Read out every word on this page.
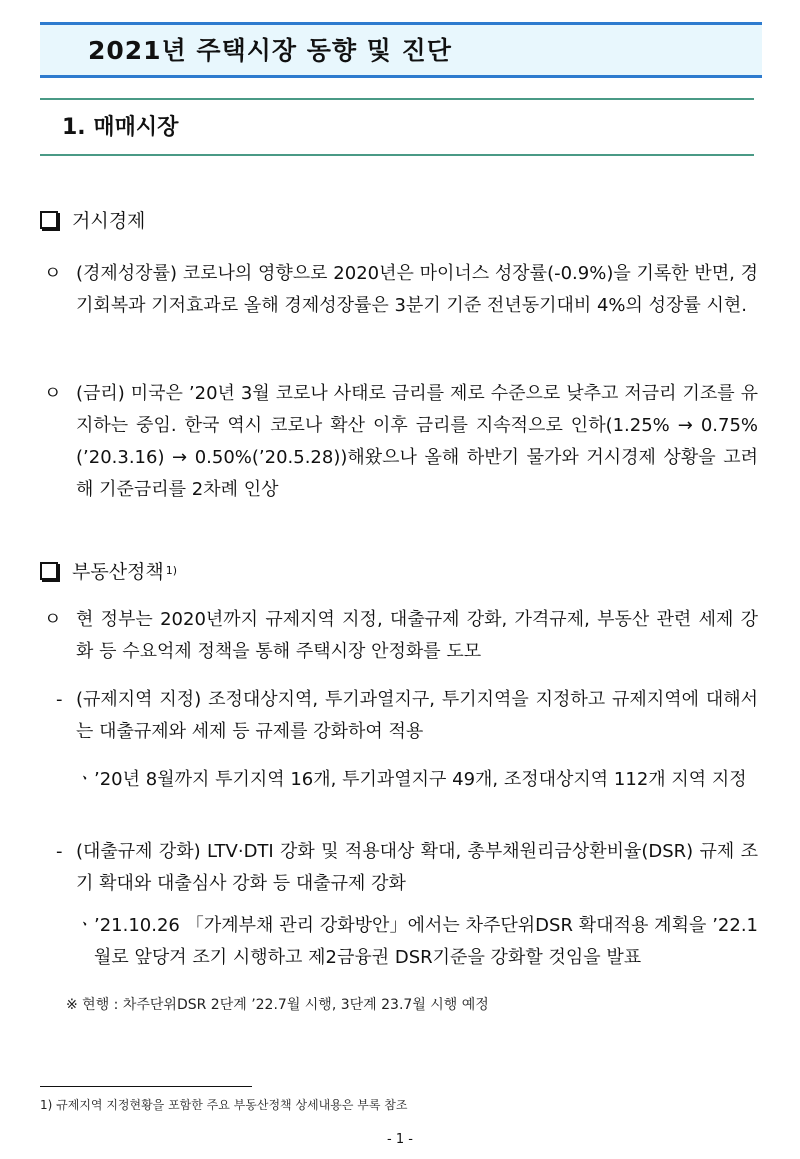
2021년 주택시장 동향 및 진단
1. 매매시장
거시경제
ㅇ (경제성장률) 코로나의 영향으로 2020년은 마이너스 성장률(-0.9%)을 기록한 반면, 경기회복과 기저효과로 올해 경제성장률은 3분기 기준 전년동기대비 4%의 성장률 시현.
ㅇ (금리) 미국은 ’20년 3월 코로나 사태로 금리를 제로 수준으로 낮추고 저금리 기조를 유지하는 중임. 한국 역시 코로나 확산 이후 금리를 지속적으로 인하(1.25% → 0.75%(’20.3.16) → 0.50%(’20.5.28))해왔으나 올해 하반기 물가와 거시경제 상황을 고려해 기준금리를 2차례 인상
부동산정책 1)
ㅇ 현 정부는 2020년까지 규제지역 지정, 대출규제 강화, 가격규제, 부동산 관련 세제 강화 등 수요억제 정책을 통해 주택시장 안정화를 도모
- (규제지역 지정) 조정대상지역, 투기과열지구, 투기지역을 지정하고 규제지역에 대해서는 대출규제와 세제 등 규제를 강화하여 적용
ㆍ ’20년 8월까지 투기지역 16개, 투기과열지구 49개, 조정대상지역 112개 지역 지정
- (대출규제 강화) LTV·DTI 강화 및 적용대상 확대, 총부채원리금상환비율(DSR) 규제 조기 확대와 대출심사 강화 등 대출규제 강화
ㆍ ’21.10.26 「가계부채 관리 강화방안」에서는 차주단위DSR 확대적용 계획을 ’22.1월로 앞당겨 조기 시행하고 제2금융권 DSR기준을 강화할 것임을 발표
※ 현행 : 차주단위DSR 2단계 ’22.7월 시행, 3단계 23.7월 시행 예정
1) 규제지역 지정현황을 포함한 주요 부동산정책 상세내용은 부록 참조
- 1 -
